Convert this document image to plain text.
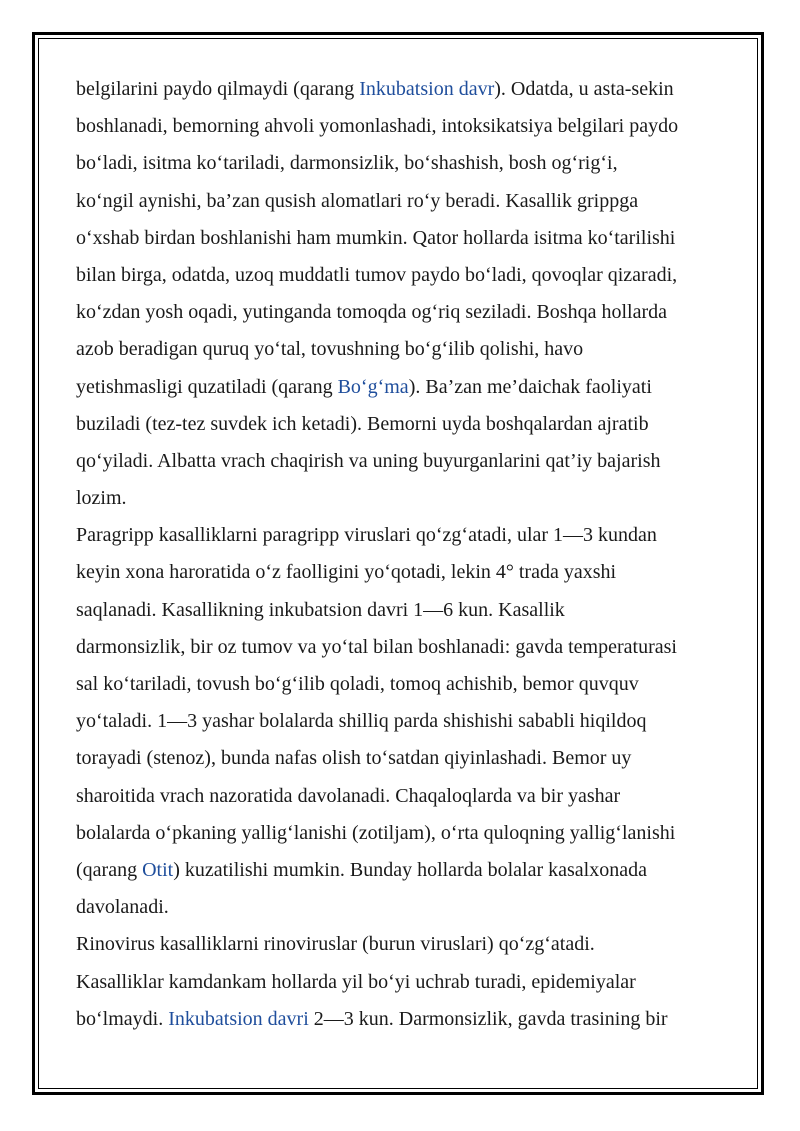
belgilarini paydo qilmaydi (qarang Inkubatsion davr). Odatda, u asta-sekin
boshlanadi, bemorning ahvoli yomonlashadi, intoksikatsiya belgilari paydo
bo‘ladi, isitma ko‘tariladi, darmonsizlik, bo‘shashish, bosh og‘rig‘i,
ko‘ngil aynishi, ba’zan qusish alomatlari ro‘y beradi. Kasallik grippga
o‘xshab birdan boshlanishi ham mumkin. Qator hollarda isitma ko‘tarilishi
bilan birga, odatda, uzoq muddatli tumov paydo bo‘ladi, qovoqlar qizaradi,
ko‘zdan yosh oqadi, yutinganda tomoqda og‘riq seziladi. Boshqa hollarda
azob beradigan quruq yo‘tal, tovushning bo‘g‘ilib qolishi, havo
yetishmasligi quzatiladi (qarang Bo‘g‘ma). Ba’zan me’daichak faoliyati
buziladi (tez-tez suvdek ich ketadi). Bemorni uyda boshqalardan ajratib
qo‘yiladi. Albatta vrach chaqirish va uning buyurganlarini qat’iy bajarish
lozim.
Paragripp kasalliklarni paragripp viruslari qo‘zg‘atadi, ular 1—3 kundan
keyin xona haroratida o‘z faolligini yo‘qotadi, lekin 4° trada yaxshi
saqlanadi. Kasallikning inkubatsion davri 1—6 kun. Kasallik
darmonsizlik, bir oz tumov va yo‘tal bilan boshlanadi: gavda temperaturasi
sal ko‘tariladi, tovush bo‘g‘ilib qoladi, tomoq achishib, bemor quvquv
yo‘taladi. 1—3 yashar bolalarda shilliq parda shishishi sababli hiqildoq
torayadi (stenoz), bunda nafas olish to‘satdan qiyinlashadi. Bemor uy
sharoitida vrach nazoratida davolanadi. Chaqaloqlarda va bir yashar
bolalarda o‘pkaning yallig‘lanishi (zotiljam), o‘rta quloqning yallig‘lanishi
(qarang Otit) kuzatilishi mumkin. Bunday hollarda bolalar kasalxonada
davolanadi.
Rinovirus kasalliklarni rinoviruslar (burun viruslari) qo‘zg‘atadi.
Kasalliklar kamdankam hollarda yil bo‘yi uchrab turadi, epidemiyalar
bo‘lmaydi. Inkubatsion davri 2—3 kun. Darmonsizlik, gavda trasining bir
